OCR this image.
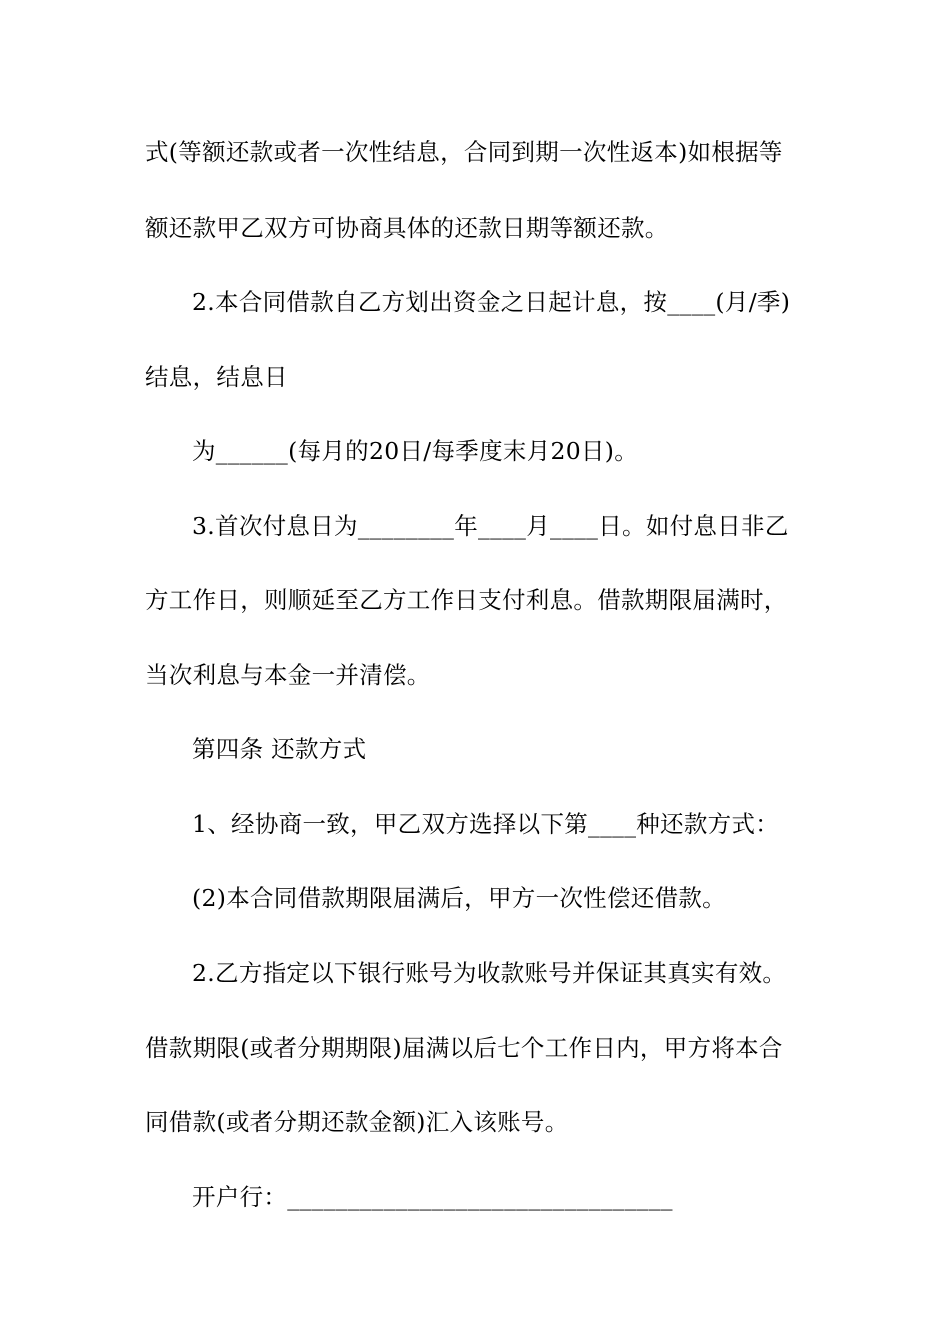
式(等额还款或者一次性结息，合同到期一次性返本)如根据等
额还款甲乙双方可协商具体的还款日期等额还款。
2.本合同借款自乙方划出资金之日起计息，按____(月/季)
结息，结息日
为______(每月的20日/每季度末月20日)。
3.首次付息日为________年____月____日。如付息日非乙
方工作日，则顺延至乙方工作日支付利息。借款期限届满时，
当次利息与本金一并清偿。
第四条 还款方式
1、经协商一致，甲乙双方选择以下第____种还款方式：
(2)本合同借款期限届满后，甲方一次性偿还借款。
2.乙方指定以下银行账号为收款账号并保证其真实有效。
借款期限(或者分期期限)届满以后七个工作日内，甲方将本合
同借款(或者分期还款金额)汇入该账号。
开户行：________________________________
